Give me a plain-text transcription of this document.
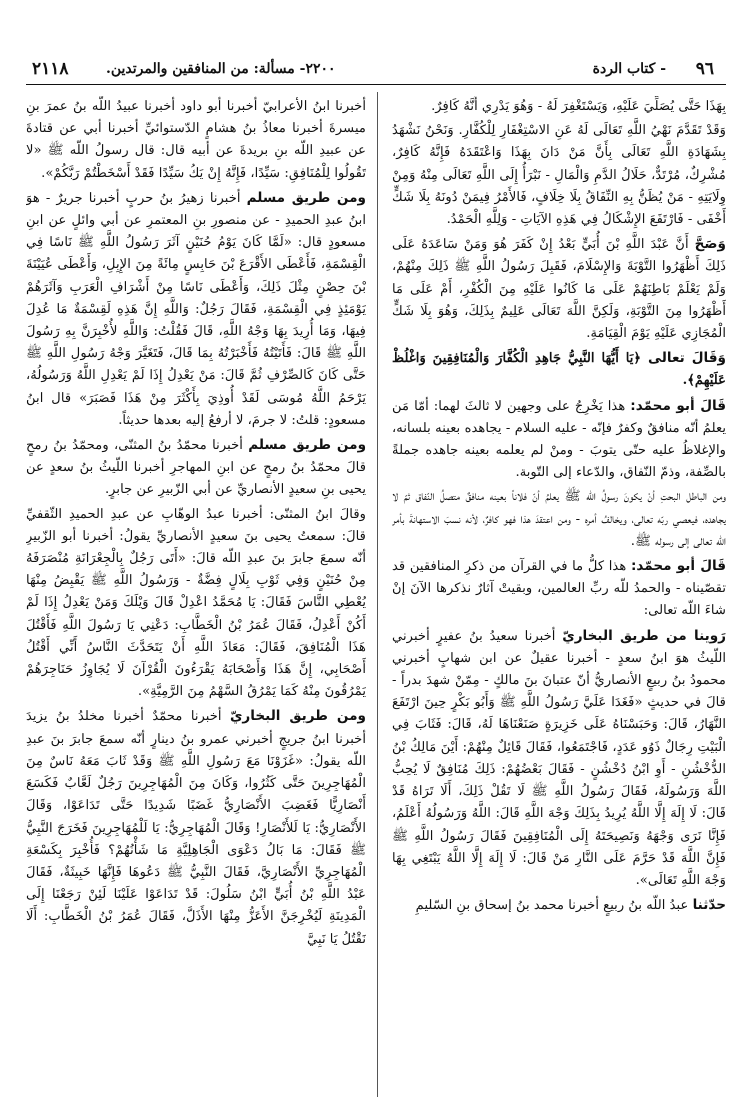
٩٦
- كتاب الردة
٢٢٠٠- مسألة: من المنافقين والمرتدين.
٢١١٨

بِهَذَا حَتَّى يُصَلِّيَ عَلَيْهِ، وَيَسْتَغْفِرَ لَهُ - وَهُوَ يَدْرِي أَنَّهُ كَافِرٌ.

وَقَدْ تَقَدَّمَ نَهْيُ اللَّهِ تَعَالَى لَهُ عَنِ الاسْتِغْفَارِ لِلْكُفَّارِ. وَنَحْنُ نَشْهَدُ بِشَهَادَةِ اللَّهِ تَعَالَى بِأَنَّ مَنْ دَانَ بِهَذَا وَاعْتَقَدَهُ فَإِنَّهُ كَافِرٌ، مُشْرِكٌ، مُرْتَدٌّ، حَلَالُ الدَّمِ وَالْمَالِ - نَبْرَأُ إِلَى اللَّهِ تَعَالَى مِنْهُ وَمِنْ وِلَايَتِهِ - مَنْ يُظَنُّ بِهِ النِّفَاقُ بِلَا خِلَافٍ، فَالأَمْرُ فِيمَنْ دُونَهُ بِلَا شَكٍّ أَخْفَى - فَارْتَفَعَ الإِشْكَالُ فِي هَذِهِ الآيَاتِ - وَلِلَّهِ الْحَمْدُ.

وَصَحَّ أَنَّ عَبْدَ اللَّهِ بْنَ أُبَيٍّ بَعْدُ إِنْ كَفَرَ هُوَ وَمَنْ سَاعَدَهُ عَلَى ذَلِكَ أَظْهَرُوا التَّوْبَةَ وَالإِسْلَامَ، فَقَبِلَ رَسُولُ اللَّهِ ﷺ ذَلِكَ مِنْهُمْ، وَلَمْ يَعْلَمْ بَاطِنَهُمْ عَلَى مَا كَانُوا عَلَيْهِ مِنَ الْكُفْرِ، أَمْ عَلَى مَا أَظْهَرُوا مِنَ التَّوْبَةِ، وَلَكِنَّ اللَّهَ تَعَالَى عَلِيمٌ بِذَلِكَ، وَهُوَ بِلَا شَكٍّ الْمُجَازِي عَلَيْهِ يَوْمَ الْقِيَامَةِ.

وَقَالَ تعالى ﴿يَا أَيُّهَا النَّبِيُّ جَاهِدِ الْكُفَّارَ وَالْمُنَافِقِينَ وَاغْلُظْ عَلَيْهِمْ﴾.

قَالَ أبو محمّد: هذا يَخْرِجُ على وجهين لا ثالثَ لهما: أمّا مَن يعلمُ أنّه منافقٌ وكفرٌ فإنّه - عليه السلام - يجاهده بعينه بلسانه، والإغلاظُ عليه حتّى يتوبَ - ومنْ لم يعلمه بعينه جاهده جملةً بالصِّفة، وذمّ النّفاق، والدّعاء إلى التّوبة.

ومن الباطل البحتِ أنْ يكونَ رسولُ اللّه ﷺ يعلمُ أنّ فلاناً بعينه منافقٌ متصلُ النّفاق ثمّ لا يجاهده، فيعصي ربّه تعالى، ويخالفُ أمره - ومن اعتقدَ هذا فهو كافرٌ، لأنه نسبَ الاستهانةَ بأمر اللّه تعالى إلى رسوله ﷺ.

قَالَ أبو محمّد: هذا كلُّ ما في القرآن من ذكرِ المنافقين قد تقصّيناه - والحمدُ للّه ربِّ العالمين، وبقيتْ آثارٌ نذكرها الآنَ إنْ شاءَ اللّه تعالى:

رَوينا من طريق البخاريّ أخبرنا سعيدُ بنُ عفيرٍ أخبرني اللّيثُ هوَ ابنُ سعدٍ - أخبرنا عقيلٌ عن ابن شهابٍ أخبرني محمودُ بنُ ربيعٍ الأنصاريُّ أنّ عتبانَ بنَ مالكٍ - مِمّنْ شهدَ بدراً - قالَ في حديثٍ «فَغَدَا عَلَيَّ رَسُولُ اللَّهِ ﷺ وَأَبُو بَكْرٍ حِينَ ارْتَفَعَ النَّهَارُ، قَالَ: وَحَبَسْنَاهُ عَلَى خَزِيرَةٍ صَنَعْنَاهَا لَهُ، قَالَ: فَثَابَ فِي الْبَيْتِ رِجَالٌ ذَوُو عَدَدٍ، فَاجْتَمَعُوا، فَقَالَ قَائِلٌ مِنْهُمْ: أَيْنَ مَالِكُ بْنُ الدُّخْشُنِ - أَوِ ابْنُ دُخْشُنٍ - فَقَالَ بَعْضُهُمْ: ذَلِكَ مُنَافِقٌ لَا يُحِبُّ اللَّهَ وَرَسُولَهُ، فَقَالَ رَسُولُ اللَّهِ ﷺ لَا تَقُلْ ذَلِكَ، أَلَا تَرَاهُ قَدْ قَالَ: لَا إِلَهَ إِلَّا اللَّهُ يُرِيدُ بِذَلِكَ وَجْهَ اللَّهِ قَالَ: اللَّهُ وَرَسُولُهُ أَعْلَمُ، فَإِنَّا نَرَى وَجْهَهُ وَنَصِيحَتَهُ إِلَى الْمُنَافِقِينَ فَقَالَ رَسُولُ اللَّهِ ﷺ فَإِنَّ اللَّهَ قَدْ حَرَّمَ عَلَى النَّارِ مَنْ قَالَ: لَا إِلَهَ إِلَّا اللَّهُ يَبْتَغِي بِهَا وَجْهَ اللَّهِ تَعَالَى».

حدّثنا عبدُ اللّه بنُ ربيعٍ أخبرنا محمد بنُ إسحاق بنِ السّليمِ

أخبرنا ابنُ الأعرابيّ أخبرنا أبو داود أخبرنا عبيدُ اللّه بنُ عمرَ بنِ ميسرةَ أخبرنا معاذُ بنُ هشامٍ الدّستوائيِّ أخبرنا أبي عن قتادةَ عن عبيدِ اللّه بنِ بريدةَ عن أبيه قال: قال رسولُ اللّه ﷺ «لا تَقُولُوا لِلْمُنَافِقِ: سَيِّدًا، فَإِنَّهُ إِنْ يَكُ سَيِّدًا فَقَدْ أَسْخَطْتُمْ رَبَّكُمْ».

ومن طريق مسلم أخبرنا زهيرُ بنُ حربٍ أخبرنا جريرٌ - هوَ ابنُ عبدِ الحميدِ - عن منصورِ بنِ المعتمرِ عن أبي وائلٍ عن ابنِ مسعودٍ قال: «لَمَّا كَانَ يَوْمُ حُنَيْنٍ آثَرَ رَسُولُ اللَّهِ ﷺ نَاسًا فِي الْقِسْمَةِ، فَأَعْطَى الأَقْرَعَ بْنَ حَابِسٍ مِائَةً مِنَ الإِبِلِ، وَأَعْطَى عُيَيْنَةَ بْنَ حِصْنٍ مِثْلَ ذَلِكَ، وَأَعْطَى نَاسًا مِنْ أَشْرَافِ الْعَرَبِ وَآثَرَهُمْ يَوْمَئِذٍ فِي الْقِسْمَةِ، فَقَالَ رَجُلٌ: وَاللَّهِ إِنَّ هَذِهِ لَقِسْمَةٌ مَا عُدِلَ فِيهَا، وَمَا أُرِيدَ بِهَا وَجْهُ اللَّهِ، قَالَ فَقُلْتُ: وَاللَّهِ لأُخْبِرَنَّ بِهِ رَسُولَ اللَّهِ ﷺ قَالَ: فَأَتَيْتُهُ فَأَخْبَرْتُهُ بِمَا قَالَ، فَتَغَيَّرَ وَجْهُ رَسُولِ اللَّهِ ﷺ حَتَّى كَانَ كَالصِّرْفِ ثُمَّ قَالَ: مَنْ يَعْدِلُ إِذَا لَمْ يَعْدِلِ اللَّهُ وَرَسُولُهُ، يَرْحَمُ اللَّهُ مُوسَى لَقَدْ أُوذِيَ بِأَكْثَرَ مِنْ هَذَا فَصَبَرَ» قال ابنُ مسعودٍ: قلتُ: لا جرمَ، لا أرفعُ إليه بعدها حديثاً.

ومن طريق مسلم أخبرنا محمّدُ بنُ المثنّى، ومحمّدُ بنُ رمحٍ قالَ محمّدُ بنُ رمحٍ عن ابنِ المهاجرِ أخبرنا اللّيثُ بنُ سعدٍ عن يحيى بنِ سعيدٍ الأنصاريِّ عن أبي الزّبيرِ عن جابرٍ.

وقالَ ابنُ المثنّى: أخبرنا عبدُ الوهّابِ عن عبدِ الحميدِ الثّقفيِّ قالَ: سمعتُ يحيى بنَ سعيدٍ الأنصاريِّ يقولُ: أخبرنا أبو الزّبيرِ أنّه سمعَ جابرَ بنَ عبدِ اللّه قالَ: «أَتَى رَجُلٌ بِالْجِعْرَانَةِ مُنْصَرَفَهُ مِنْ حُنَيْنٍ وَفِي ثَوْبِ بِلَالٍ فِضَّةٌ - وَرَسُولُ اللَّهِ ﷺ يَقْبِضُ مِنْهَا يُعْطِي النَّاسَ فَقَالَ: يَا مُحَمَّدُ اعْدِلْ قَالَ وَيْلَكَ وَمَنْ يَعْدِلُ إِذَا لَمْ أَكُنْ أَعْدِلُ، فَقَالَ عُمَرُ بْنُ الْخَطَّابِ: دَعْنِي يَا رَسُولَ اللَّهِ فَأَقْتُلَ هَذَا الْمُنَافِقَ، فَقَالَ: مَعَاذَ اللَّهِ أَنْ يَتَحَدَّثَ النَّاسُ أَنِّي أَقْتُلُ أَصْحَابِي، إِنَّ هَذَا وَأَصْحَابَهُ يَقْرَءُونَ الْقُرْآنَ لَا يُجَاوِزُ حَنَاجِرَهُمْ يَمْرُقُونَ مِنْهُ كَمَا يَمْرُقُ السَّهْمُ مِنَ الرَّمِيَّةِ».

ومن طريق البخاريّ أخبرنا محمّدٌ أخبرنا مخلدُ بنُ يزيدَ أخبرنا ابنُ جريجٍ أخبرني عمرو بنُ دينارٍ أنّه سمعَ جابرَ بنَ عبدِ اللّه يقولُ: «غَزَوْنَا مَعَ رَسُولِ اللَّهِ ﷺ وَقَدْ ثَابَ مَعَهُ نَاسٌ مِنَ الْمُهَاجِرِينَ حَتَّى كَثُرُوا، وَكَانَ مِنَ الْمُهَاجِرِينَ رَجُلٌ لَعَّابٌ فَكَسَعَ أَنْصَارِيًّا فَغَضِبَ الأَنْصَارِيُّ غَضَبًا شَدِيدًا حَتَّى تَدَاعَوْا، وَقَالَ الأَنْصَارِيُّ: يَا لَلأَنْصَارِ! وَقَالَ الْمُهَاجِرِيُّ: يَا لَلْمُهَاجِرِينَ فَخَرَجَ النَّبِيُّ ﷺ فَقَالَ: مَا بَالُ دَعْوَى الْجَاهِلِيَّةِ مَا شَأْنُهُمْ؟ فَأُخْبِرَ بِكَسْعَةِ الْمُهَاجِرِيِّ الأَنْصَارِيَّ، فَقَالَ النَّبِيُّ ﷺ دَعُوهَا فَإِنَّهَا خَبِيثَةٌ، فَقَالَ عَبْدُ اللَّهِ بْنُ أُبَيٍّ ابْنُ سَلُولَ: قَدْ تَدَاعَوْا عَلَيْنَا لَئِنْ رَجَعْنَا إِلَى الْمَدِينَةِ لَيُخْرِجَنَّ الأَعَزُّ مِنْهَا الأَذَلَّ، فَقَالَ عُمَرُ بْنُ الْخَطَّابِ: أَلَا نَقْتُلُ يَا نَبِيَّ
